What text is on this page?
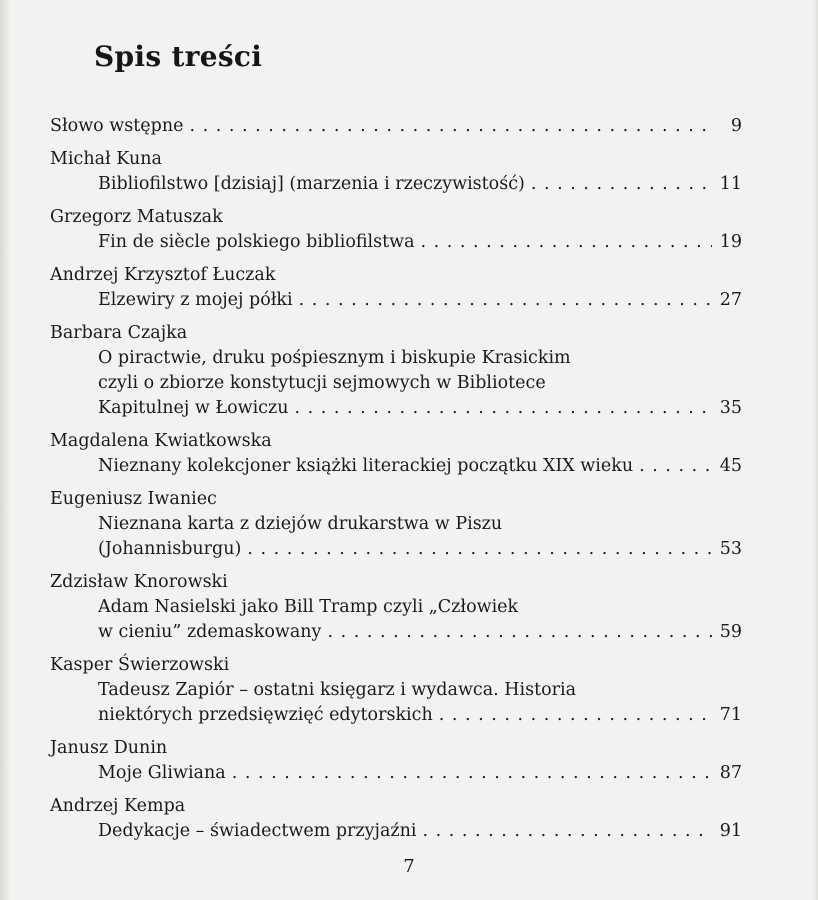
Spis treści
Słowo wstępne . . .	9
Michał Kuna
Bibliofilstwo [dzisiaj] (marzenia i rzeczywistość) . . .	11
Grzegorz Matuszak
Fin de siècle polskiego bibliofilstwa . . .	19
Andrzej Krzysztof Łuczak
Elzewiry z mojej półki . . .	27
Barbara Czajka
O piractwie, druku pośpiesznym i biskupie Krasickim
czyli o zbiorze konstytucji sejmowych w Bibliotece
Kapitulnej w Łowiczu . . .	35
Magdalena Kwiatkowska
Nieznany kolekcjoner książki literackiej początku XIX wieku . . .	45
Eugeniusz Iwaniec
Nieznana karta z dziejów drukarstwa w Piszu
(Johannisburgu) . . .	53
Zdzisław Knorowski
Adam Nasielski jako Bill Tramp czyli „Człowiek
w cieniu” zdemaskowany . . .	59
Kasper Świerzowski
Tadeusz Zapiór – ostatni księgarz i wydawca. Historia
niektórych przedsięwzięć edytorskich . . .	71
Janusz Dunin
Moje Gliwiana . . .	87
Andrzej Kempa
Dedykacje – świadectwem przyjaźni . . .	91
7
